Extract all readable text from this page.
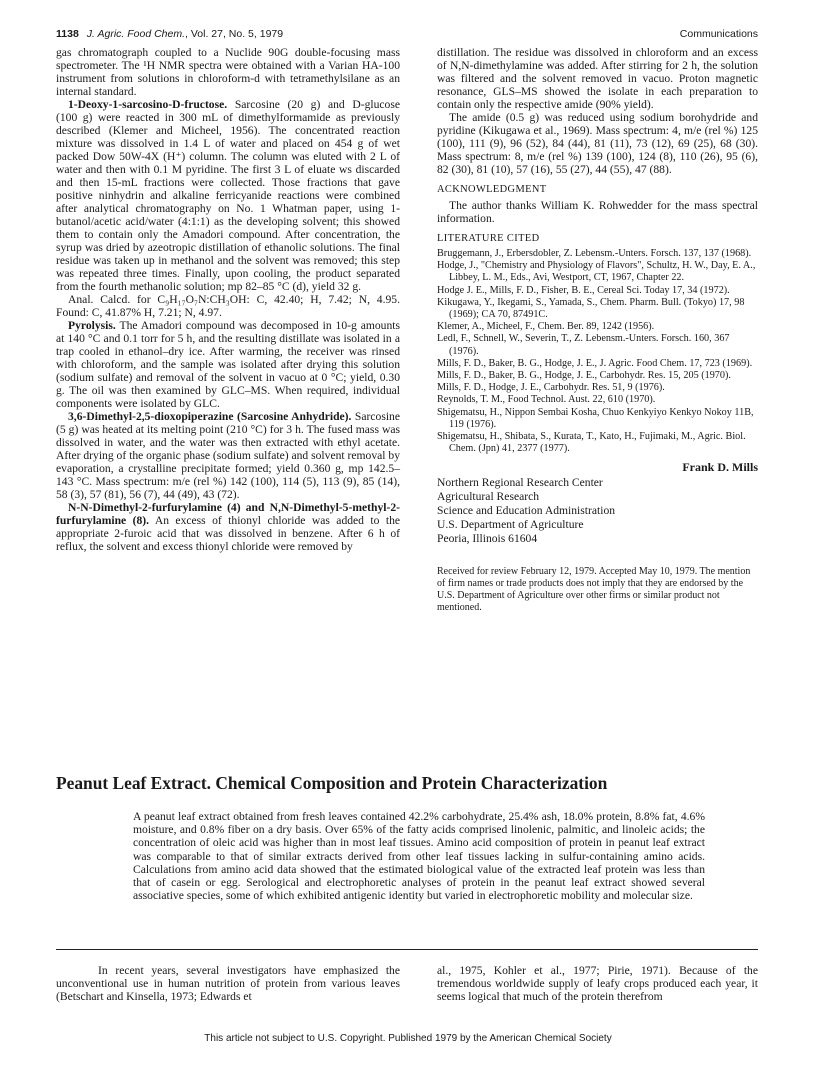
1138 J. Agric. Food Chem., Vol. 27, No. 5, 1979	Communications

gas chromatograph coupled to a Nuclide 90G double-focusing mass spectrometer. The ¹H NMR spectra were obtained with a Varian HA-100 instrument from solutions in chloroform-d with tetramethylsilane as an internal standard.

1-Deoxy-1-sarcosino-D-fructose. Sarcosine (20 g) and D-glucose (100 g) were reacted in 300 mL of dimethylformamide as previously described (Klemer and Micheel, 1956). The concentrated reaction mixture was dissolved in 1.4 L of water and placed on 454 g of wet packed Dow 50W-4X (H⁺) column. The column was eluted with 2 L of water and then with 0.1 M pyridine. The first 3 L of eluate ws discarded and then 15-mL fractions were collected. Those fractions that gave positive ninhydrin and alkaline ferricyanide reactions were combined after analytical chromatography on No. 1 Whatman paper, using 1-butanol/acetic acid/water (4:1:1) as the developing solvent; this showed them to contain only the Amadori compound. After concentration, the syrup was dried by azeotropic distillation of ethanolic solutions. The final residue was taken up in methanol and the solvent was removed; this step was repeated three times. Finally, upon cooling, the product separated from the fourth methanolic solution; mp 82–85 °C (d), yield 32 g.

Anal. Calcd. for C₉H₁₇O₇N:CH₃OH: C, 42.40; H, 7.42; N, 4.95. Found: C, 41.87% H, 7.21; N, 4.97.

Pyrolysis. The Amadori compound was decomposed in 10-g amounts at 140 °C and 0.1 torr for 5 h, and the resulting distillate was isolated in a trap cooled in ethanol–dry ice. After warming, the receiver was rinsed with chloroform, and the sample was isolated after drying this solution (sodium sulfate) and removal of the solvent in vacuo at 0 °C; yield, 0.30 g. The oil was then examined by GLC–MS. When required, individual components were isolated by GLC.

3,6-Dimethyl-2,5-dioxopiperazine (Sarcosine Anhydride). Sarcosine (5 g) was heated at its melting point (210 °C) for 3 h. The fused mass was dissolved in water, and the water was then extracted with ethyl acetate. After drying of the organic phase (sodium sulfate) and solvent removal by evaporation, a crystalline precipitate formed; yield 0.360 g, mp 142.5–143 °C. Mass spectrum: m/e (rel %) 142 (100), 114 (5), 113 (9), 85 (14), 58 (3), 57 (81), 56 (7), 44 (49), 43 (72).

N-N-Dimethyl-2-furfurylamine (4) and N,N-Dimethyl-5-methyl-2-furfurylamine (8). An excess of thionyl chloride was added to the appropriate 2-furoic acid that was dissolved in benzene. After 6 h of reflux, the solvent and excess thionyl chloride were removed by

distillation. The residue was dissolved in chloroform and an excess of N,N-dimethylamine was added. After stirring for 2 h, the solution was filtered and the solvent removed in vacuo. Proton magnetic resonance, GLS–MS showed the isolate in each preparation to contain only the respective amide (90% yield).

The amide (0.5 g) was reduced using sodium borohydride and pyridine (Kikugawa et al., 1969). Mass spectrum: 4, m/e (rel %) 125 (100), 111 (9), 96 (52), 84 (44), 81 (11), 73 (12), 69 (25), 68 (30). Mass spectrum: 8, m/e (rel %) 139 (100), 124 (8), 110 (26), 95 (6), 82 (30), 81 (10), 57 (16), 55 (27), 44 (55), 47 (88).

ACKNOWLEDGMENT

The author thanks William K. Rohwedder for the mass spectral information.

LITERATURE CITED
Bruggemann, J., Erbersdobler, Z. Lebensm.-Unters. Forsch. 137, 137 (1968).
Hodge, J., "Chemistry and Physiology of Flavors", Schultz, H. W., Day, E. A., Libbey, L. M., Eds., Avi, Westport, CT, 1967, Chapter 22.
Hodge J. E., Mills, F. D., Fisher, B. E., Cereal Sci. Today 17, 34 (1972).
Kikugawa, Y., Ikegami, S., Yamada, S., Chem. Pharm. Bull. (Tokyo) 17, 98 (1969); CA 70, 87491C.
Klemer, A., Micheel, F., Chem. Ber. 89, 1242 (1956).
Ledl, F., Schnell, W., Severin, T., Z. Lebensm.-Unters. Forsch. 160, 367 (1976).
Mills, F. D., Baker, B. G., Hodge, J. E., J. Agric. Food Chem. 17, 723 (1969).
Mills, F. D., Baker, B. G., Hodge, J. E., Carbohydr. Res. 15, 205 (1970).
Mills, F. D., Hodge, J. E., Carbohydr. Res. 51, 9 (1976).
Reynolds, T. M., Food Technol. Aust. 22, 610 (1970).
Shigematsu, H., Nippon Sembai Kosha, Chuo Kenkyiyo Kenkyo Nokoy 11B, 119 (1976).
Shigematsu, H., Shibata, S., Kurata, T., Kato, H., Fujimaki, M., Agric. Biol. Chem. (Jpn) 41, 2377 (1977).
Frank D. Mills
Northern Regional Research Center
Agricultural Research
Science and Education Administration
U.S. Department of Agriculture
Peoria, Illinois 61604
Received for review February 12, 1979. Accepted May 10, 1979. The mention of firm names or trade products does not imply that they are endorsed by the U.S. Department of Agriculture over other firms or similar product not mentioned.
Peanut Leaf Extract. Chemical Composition and Protein Characterization
A peanut leaf extract obtained from fresh leaves contained 42.2% carbohydrate, 25.4% ash, 18.0% protein, 8.8% fat, 4.6% moisture, and 0.8% fiber on a dry basis. Over 65% of the fatty acids comprised linolenic, palmitic, and linoleic acids; the concentration of oleic acid was higher than in most leaf tissues. Amino acid composition of protein in peanut leaf extract was comparable to that of similar extracts derived from other leaf tissues lacking in sulfur-containing amino acids. Calculations from amino acid data showed that the estimated biological value of the extracted leaf protein was less than that of casein or egg. Serological and electrophoretic analyses of protein in the peanut leaf extract showed several associative species, some of which exhibited antigenic identity but varied in electrophoretic mobility and molecular size.

In recent years, several investigators have emphasized the unconventional use in human nutrition of protein from various leaves (Betschart and Kinsella, 1973; Edwards et

al., 1975, Kohler et al., 1977; Pirie, 1971). Because of the tremendous worldwide supply of leafy crops produced each year, it seems logical that much of the protein therefrom

This article not subject to U.S. Copyright. Published 1979 by the American Chemical Society
